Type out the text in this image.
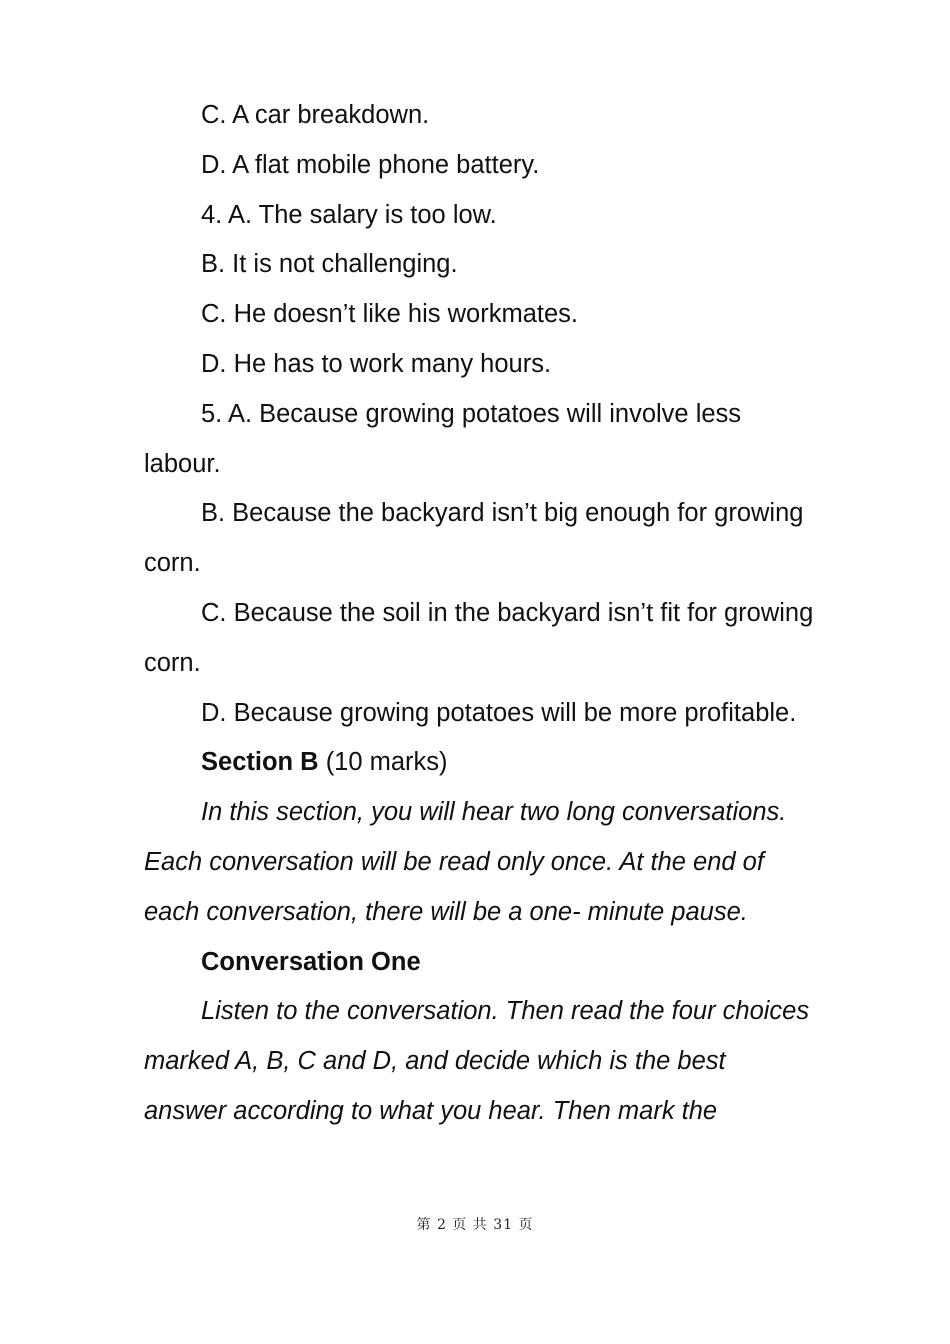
C. A car breakdown.

D. A flat mobile phone battery.

4. A. The salary is too low.

B. It is not challenging.

C. He doesn’t like his workmates.

D. He has to work many hours.

5. A. Because growing potatoes will involve less labour.

B. Because the backyard isn’t big enough for growing corn.

C. Because the soil in the backyard isn’t fit for growing corn.

D. Because growing potatoes will be more profitable.

Section B (10 marks)

In this section, you will hear two long conversations. Each conversation will be read only once. At the end of each conversation, there will be a one- minute pause.

Conversation One

Listen to the conversation. Then read the four choices marked A, B, C and D, and decide which is the best answer according to what you hear. Then mark the

第 2 页 共 31 页
